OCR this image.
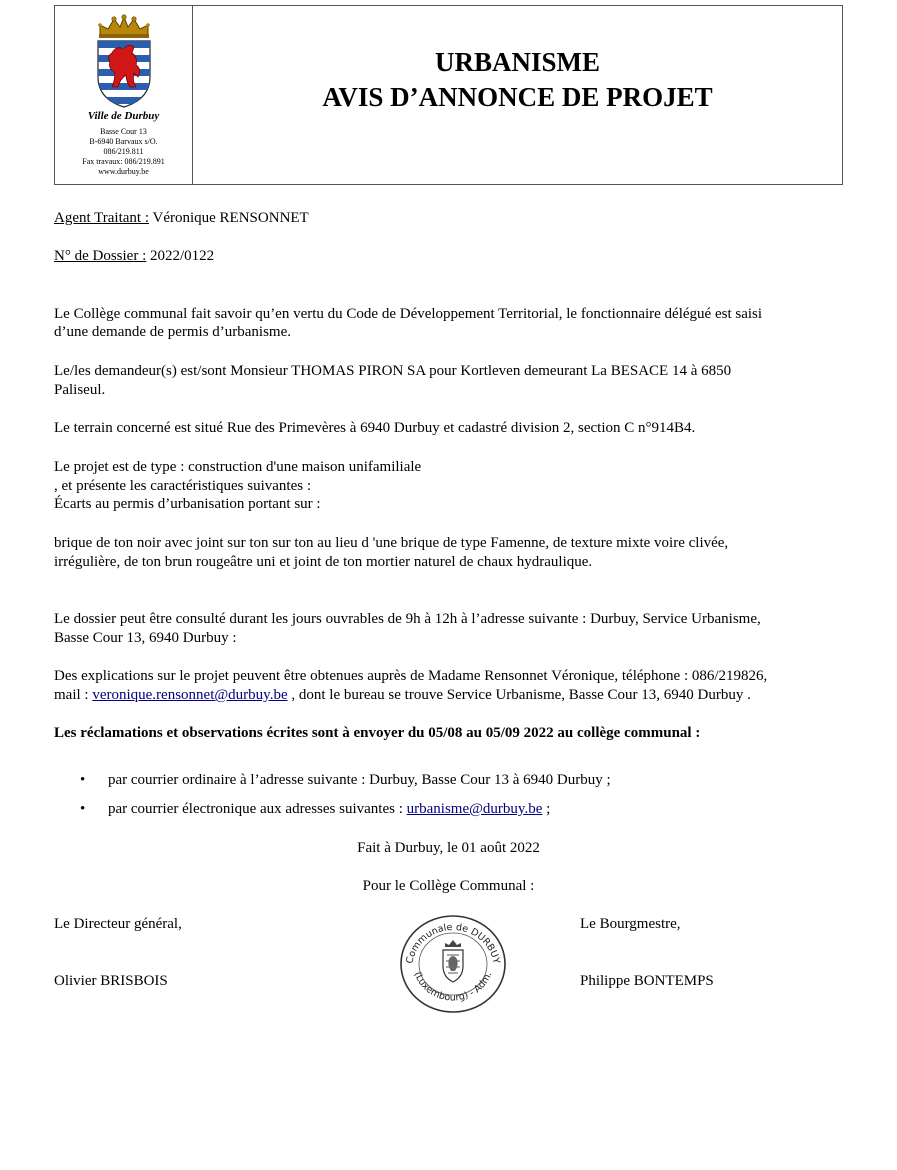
Ville de Durbuy
Basse Cour 13
B-6940 Barvaux s/O.
086/219.811
Fax travaux: 086/219.891
www.durbuy.be
URBANISME
AVIS D’ANNONCE DE PROJET
Agent Traitant : Véronique RENSONNET
N° de Dossier : 2022/0122
Le Collège communal fait savoir qu’en vertu du Code de Développement Territorial, le fonctionnaire délégué est saisi
d’une demande de permis d’urbanisme.
Le/les demandeur(s) est/sont Monsieur THOMAS PIRON SA pour Kortleven demeurant La BESACE 14 à 6850
Paliseul.
Le terrain concerné est situé Rue des Primevères à 6940 Durbuy et cadastré division 2, section C n°914B4.
Le projet est de type : construction d'une maison unifamiliale
, et présente les caractéristiques suivantes :
Écarts au permis d’urbanisation portant sur :
brique de ton noir avec joint sur ton sur ton au lieu d 'une brique de type Famenne, de texture mixte voire clivée,
irrégulière, de ton brun rougeâtre uni et joint de ton mortier naturel de chaux hydraulique.
Le dossier peut être consulté durant les jours ouvrables de 9h à 12h à l’adresse suivante : Durbuy, Service Urbanisme,
Basse Cour 13, 6940 Durbuy :
Des explications sur le projet peuvent être obtenues auprès de Madame Rensonnet Véronique, téléphone : 086/219826,
mail : veronique.rensonnet@durbuy.be , dont le bureau se trouve Service Urbanisme, Basse Cour 13, 6940 Durbuy .
Les réclamations et observations écrites sont à envoyer du 05/08 au 05/09 2022 au collège communal :
• par courrier ordinaire à l’adresse suivante : Durbuy, Basse Cour 13 à 6940 Durbuy ;
• par courrier électronique aux adresses suivantes : urbanisme@durbuy.be ;
Fait à Durbuy, le 01 août 2022
Pour le Collège Communal :
Le Directeur général,
Olivier BRISBOIS
Le Bourgmestre,
Philippe BONTEMPS
Communale de DURBUY
(Luxembourg) - Adm.
